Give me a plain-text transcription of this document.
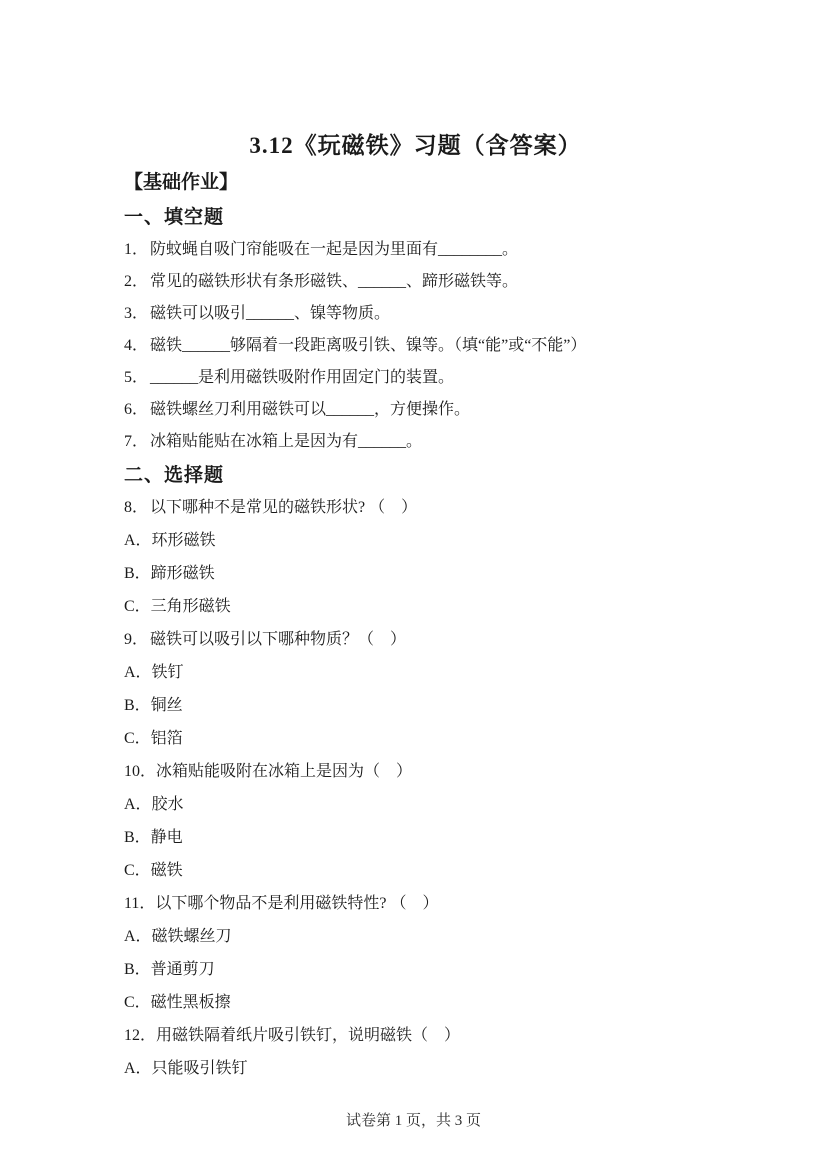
3.12《玩磁铁》习题（含答案）
【基础作业】
一、填空题
1． 防蚊蝇自吸门帘能吸在一起是因为里面有________。
2． 常见的磁铁形状有条形磁铁、______、蹄形磁铁等。
3． 磁铁可以吸引______、镍等物质。
4． 磁铁______够隔着一段距离吸引铁、镍等。（填“能”或“不能”）
5． ______是利用磁铁吸附作用固定门的装置。
6． 磁铁螺丝刀利用磁铁可以______，方便操作。
7． 冰箱贴能贴在冰箱上是因为有______。
二、选择题
8． 以下哪种不是常见的磁铁形状? （　）
A．环形磁铁
B．蹄形磁铁
C．三角形磁铁
9． 磁铁可以吸引以下哪种物质？（　）
A．铁钉
B．铜丝
C．铝箔
10．冰箱贴能吸附在冰箱上是因为（　）
A．胶水
B．静电
C．磁铁
11．以下哪个物品不是利用磁铁特性? （　）
A．磁铁螺丝刀
B．普通剪刀
C．磁性黑板擦
12．用磁铁隔着纸片吸引铁钉，说明磁铁（　）
A．只能吸引铁钉
试卷第 1 页，共 3 页
